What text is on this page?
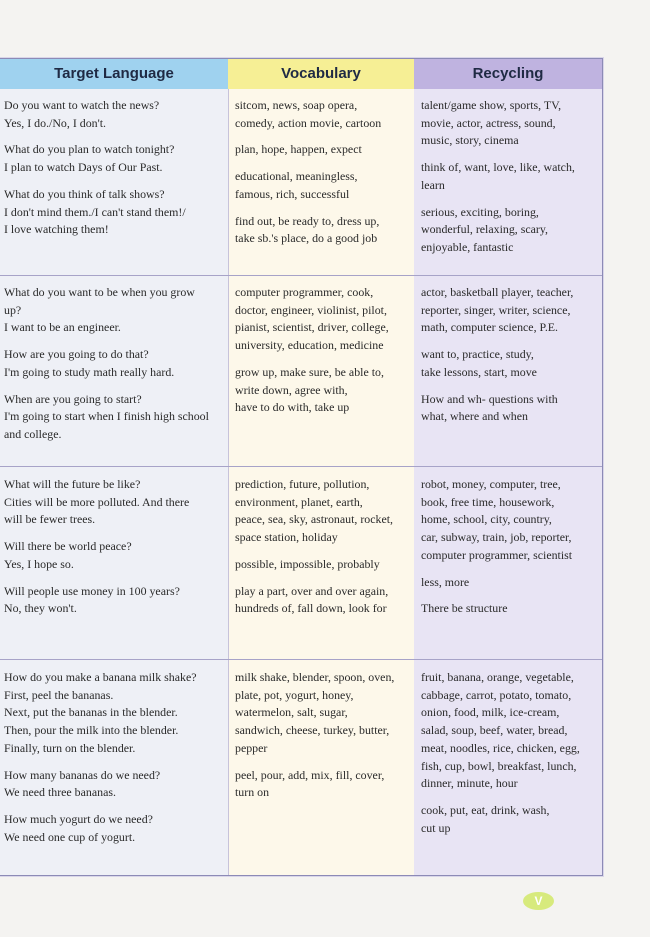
Target Language	Vocabulary	Recycling

Do you want to watch the news?
Yes, I do./No, I don't.

What do you plan to watch tonight?
I plan to watch Days of Our Past.

What do you think of talk shows?
I don't mind them./I can't stand them!/
I love watching them!

sitcom, news, soap opera,
comedy, action movie, cartoon

plan, hope, happen, expect

educational, meaningless,
famous, rich, successful

find out, be ready to, dress up,
take sb.'s place, do a good job

talent/game show, sports, TV,
movie, actor, actress, sound,
music, story, cinema

think of, want, love, like, watch,
learn

serious, exciting, boring,
wonderful, relaxing, scary,
enjoyable, fantastic

What do you want to be when you grow
up?
I want to be an engineer.

How are you going to do that?
I'm going to study math really hard.

When are you going to start?
I'm going to start when I finish high school
and college.

computer programmer, cook,
doctor, engineer, violinist, pilot,
pianist, scientist, driver, college,
university, education, medicine

grow up, make sure, be able to,
write down, agree with,
have to do with, take up

actor, basketball player, teacher,
reporter, singer, writer, science,
math, computer science, P.E.

want to, practice, study,
take lessons, start, move

How and wh- questions with
what, where and when

What will the future be like?
Cities will be more polluted. And there
will be fewer trees.

Will there be world peace?
Yes, I hope so.

Will people use money in 100 years?
No, they won't.

prediction, future, pollution,
environment, planet, earth,
peace, sea, sky, astronaut, rocket,
space station, holiday

possible, impossible, probably

play a part, over and over again,
hundreds of, fall down, look for

robot, money, computer, tree,
book, free time, housework,
home, school, city, country,
car, subway, train, job, reporter,
computer programmer, scientist

less, more

There be structure

How do you make a banana milk shake?
First, peel the bananas.
Next, put the bananas in the blender.
Then, pour the milk into the blender.
Finally, turn on the blender.

How many bananas do we need?
We need three bananas.

How much yogurt do we need?
We need one cup of yogurt.

milk shake, blender, spoon, oven,
plate, pot, yogurt, honey,
watermelon, salt, sugar,
sandwich, cheese, turkey, butter,
pepper

peel, pour, add, mix, fill, cover,
turn on

fruit, banana, orange, vegetable,
cabbage, carrot, potato, tomato,
onion, food, milk, ice-cream,
salad, soup, beef, water, bread,
meat, noodles, rice, chicken, egg,
fish, cup, bowl, breakfast, lunch,
dinner, minute, hour

cook, put, eat, drink, wash,
cut up

V
